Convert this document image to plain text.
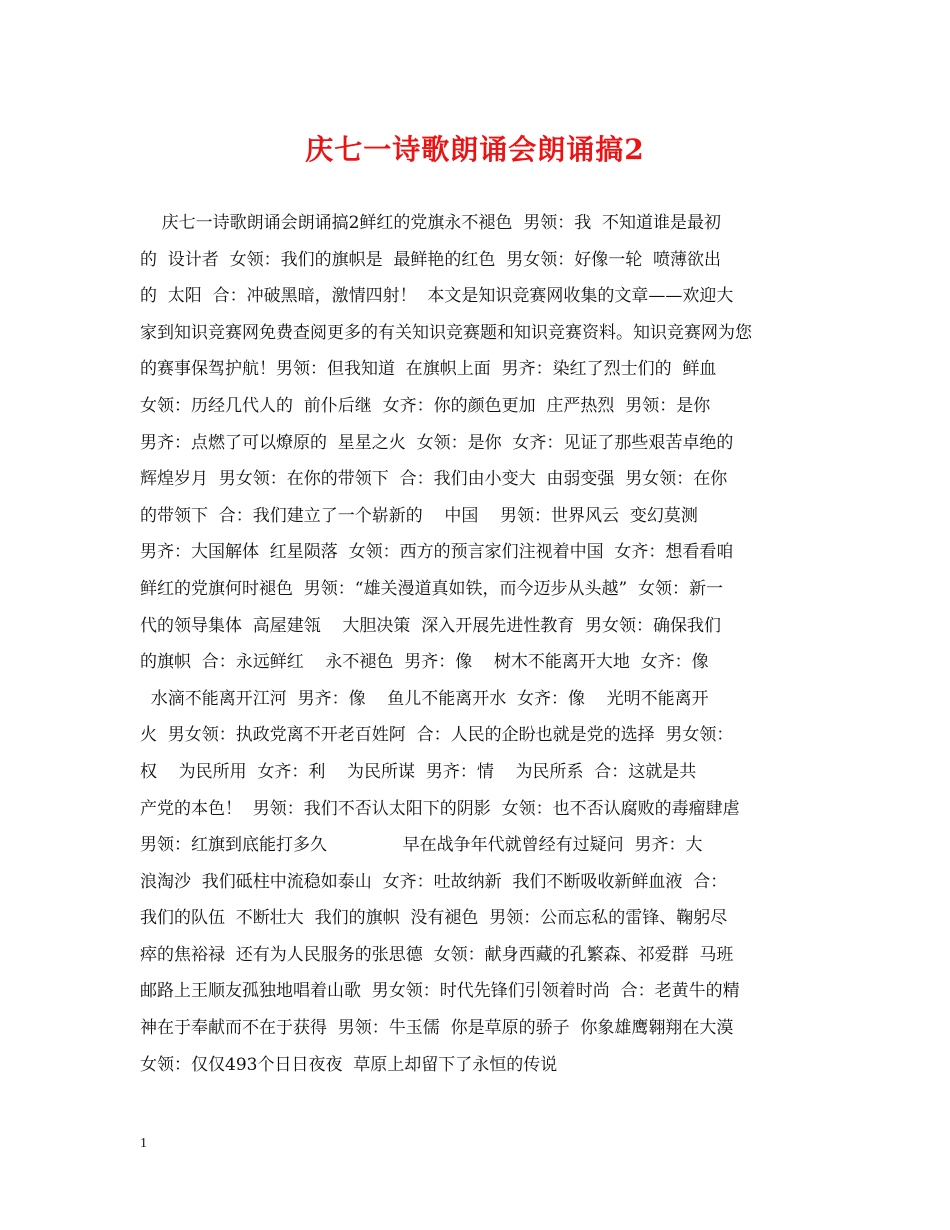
庆七一诗歌朗诵会朗诵搞2
庆七一诗歌朗诵会朗诵搞2鲜红的党旗永不褪色  男领：我  不知道谁是最初
的  设计者  女领：我们的旗帜是  最鲜艳的红色  男女领：好像一轮  喷薄欲出
的  太阳  合：冲破黑暗，激情四射！  本文是知识竞赛网收集的文章——欢迎大
家到知识竞赛网免费查阅更多的有关知识竞赛题和知识竞赛资料。知识竞赛网为您
的赛事保驾护航！男领：但我知道  在旗帜上面  男齐：染红了烈士们的  鲜血
女领：历经几代人的  前仆后继  女齐：你的颜色更加  庄严热烈  男领：是你
男齐：点燃了可以燎原的  星星之火  女领：是你  女齐：见证了那些艰苦卓绝的
辉煌岁月  男女领：在你的带领下  合：我们由小变大  由弱变强  男女领：在你
的带领下  合：我们建立了一个崭新的    中国    男领：世界风云  变幻莫测
男齐：大国解体  红星陨落  女领：西方的预言家们注视着中国  女齐：想看看咱
鲜红的党旗何时褪色  男领：“雄关漫道真如铁，而今迈步从头越”  女领：新一
代的领导集体  高屋建瓴    大胆决策  深入开展先进性教育  男女领：确保我们
的旗帜  合：永远鲜红    永不褪色  男齐：像    树木不能离开大地  女齐：像
水滴不能离开江河  男齐：像    鱼儿不能离开水  女齐：像    光明不能离开
火  男女领：执政党离不开老百姓阿  合：人民的企盼也就是党的选择  男女领：
权    为民所用  女齐：利    为民所谋  男齐：情    为民所系  合：这就是共
产党的本色！  男领：我们不否认太阳下的阴影  女领：也不否认腐败的毒瘤肆虐
男领：红旗到底能打多久              早在战争年代就曾经有过疑问  男齐：大
浪淘沙  我们砥柱中流稳如泰山  女齐：吐故纳新  我们不断吸收新鲜血液  合：
我们的队伍  不断壮大  我们的旗帜  没有褪色  男领：公而忘私的雷锋、鞠躬尽
瘁的焦裕禄  还有为人民服务的张思德  女领：献身西藏的孔繁森、祁爱群  马班
邮路上王顺友孤独地唱着山歌  男女领：时代先锋们引领着时尚  合：老黄牛的精
神在于奉献而不在于获得  男领：牛玉儒  你是草原的骄子  你象雄鹰翱翔在大漠
女领：仅仅493个日日夜夜  草原上却留下了永恒的传说
1
